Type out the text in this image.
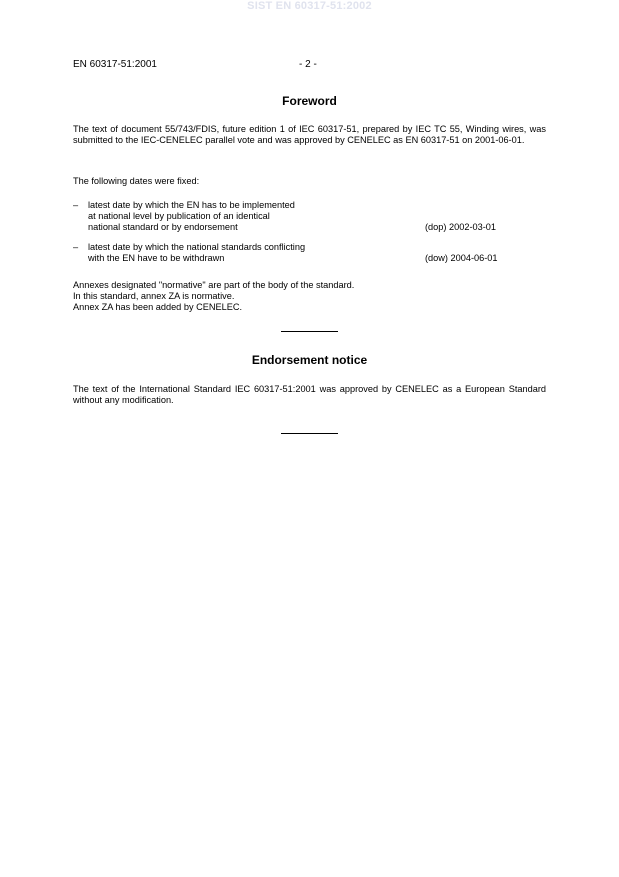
SIST EN 60317-51:2002
EN 60317-51:2001	- 2 -
Foreword
The text of document 55/743/FDIS, future edition 1 of IEC 60317-51, prepared by IEC TC 55, Winding wires, was submitted to the IEC-CENELEC parallel vote and was approved by CENELEC as EN 60317-51 on 2001-06-01.
The following dates were fixed:
– latest date by which the EN has to be implemented
at national level by publication of an identical
national standard or by endorsement	(dop) 2002-03-01
– latest date by which the national standards conflicting
with the EN have to be withdrawn	(dow) 2004-06-01
Annexes designated "normative" are part of the body of the standard.
In this standard, annex ZA is normative.
Annex ZA has been added by CENELEC.
Endorsement notice
The text of the International Standard IEC 60317-51:2001 was approved by CENELEC as a European Standard without any modification.
